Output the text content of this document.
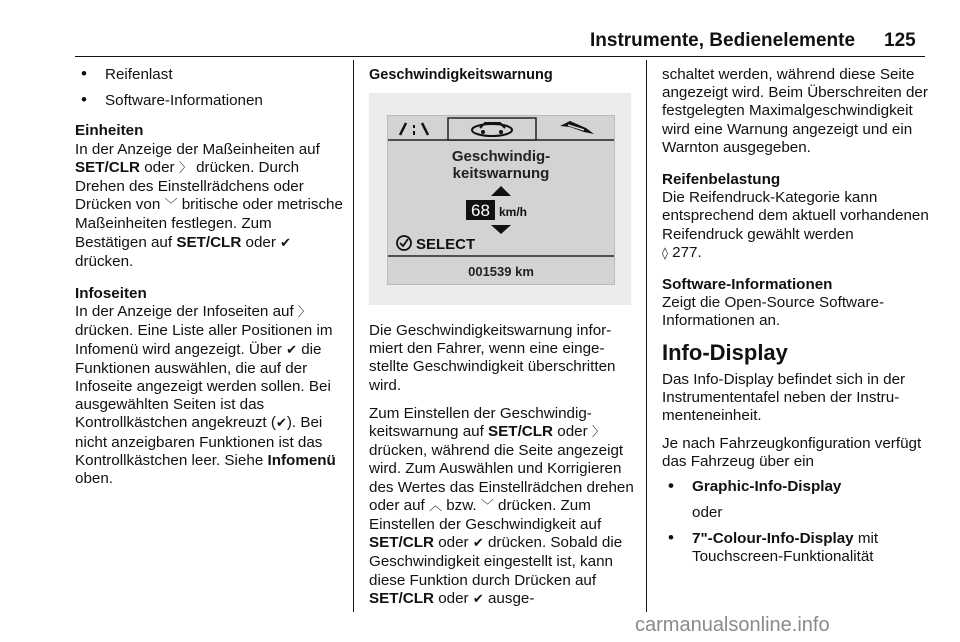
Instrumente, Bedienelemente 125
• Reifenlast
• Software-Informationen

Einheiten
In der Anzeige der Maßeinheiten auf SET/CLR oder 〉 drücken. Durch Drehen des Einstellrädchens oder Drücken von ﹀ britische oder metrische Maßeinheiten festlegen. Zum Bestätigen auf SET/CLR oder ✔ drücken.

Infoseiten
In der Anzeige der Infoseiten auf 〉 drücken. Eine Liste aller Positionen im Infomenü wird angezeigt. Über ✔ die Funktionen auswählen, die auf der Infoseite angezeigt werden sollen. Bei ausgewählten Seiten ist das Kontrollkästchen angekreuzt (✔). Bei nicht anzeigbaren Funktionen ist das Kontrollkästchen leer. Siehe Infomenü oben.

Geschwindigkeitswarnung
Geschwindig-
keitswarnung
68 km/h
SELECT
001539 km

Die Geschwindigkeitswarnung informiert den Fahrer, wenn eine eingestellte Geschwindigkeit überschritten wird.

Zum Einstellen der Geschwindigkeitswarnung auf SET/CLR oder 〉 drücken, während die Seite angezeigt wird. Zum Auswählen und Korrigieren des Wertes das Einstellrädchen drehen oder auf ︿ bzw. ﹀ drücken. Zum Einstellen der Geschwindigkeit auf SET/CLR oder ✔ drücken. Sobald die Geschwindigkeit eingestellt ist, kann diese Funktion durch Drücken auf SET/CLR oder ✔ ausge-

schaltet werden, während diese Seite angezeigt wird. Beim Überschreiten der festgelegten Maximalgeschwindigkeit wird eine Warnung angezeigt und ein Warnton ausgegeben.

Reifenbelastung
Die Reifendruck-Kategorie kann entsprechend dem aktuell vorhandenen Reifendruck gewählt werden
◊ 277.

Software-Informationen
Zeigt die Open-Source Software-Informationen an.

Info-Display

Das Info-Display befindet sich in der Instrumententafel neben der Instrumenteneinheit.

Je nach Fahrzeugkonfiguration verfügt das Fahrzeug über ein

• Graphic-Info-Display
oder
• 7"-Colour-Info-Display mit Touchscreen-Funktionalität
carmanualsonline.info
